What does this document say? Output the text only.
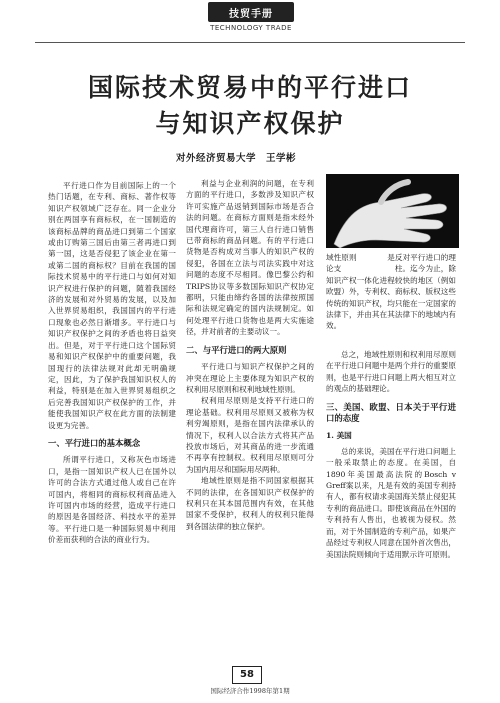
技贸手册
TECHNOLOGY TRADE
国际技术贸易中的平行进口
与知识产权保护
对外经济贸易大学　王学彬

平行进口作为目前国际上的一个热门话题，在专利、商标、著作权等知识产权领域广泛存在。同一企业分别在两国享有商标权，在一国制造的该商标品牌的商品进口到第二个国家或由订购第三国后由第三者再进口到第一国，这是否侵犯了该企业在第一或第二国的商标权？目前在我国的国际技术贸易中的平行进口与如何对知识产权进行保护的问题，随着我国经济的发展和对外贸易的发展，以及加入世界贸易组织，我国国内的平行进口现象也必然日渐增多。平行进口与知识产权保护之间的矛盾也将日益突出。但是，对于平行进口这个国际贸易和知识产权保护中的重要问题，我国现行的法律法规对此却无明确规定，因此，为了保护我国知识权人的利益，特别是在加入世界贸易组织之后完善我国知识产权保护的工作，并能使我国知识产权在此方面的法制建设更为完善。

一、平行进口的基本概念

所谓平行进口，又称灰色市场进口，是指一国知识产权人已在国外以许可的合法方式通过他人或自己在许可国内，将相同的商标权利商品进入许可国内市场的经营，造成平行进口的原因是各国经济、科技水平的差异等。平行进口是一种国际贸易中利用价差而获利的合法的商业行为。

利益与企业利润的问题，在专利方面的平行进口，多数涉及知识产权许可实施产品返销到国际市场是否合法的问题。在商标方面则是指未经外国代理商许可，第三人自行进口销售已带商标的商品问题。有的平行进口货物是否构成对当事人的知识产权的侵犯，各国在立法与司法实践中对这问题的态度不尽相同。像巴黎公约和TRIPS协议等多数国际知识产权协定都明，只能由缔约各国的法律按照国际和法规定确定的国内法规制定。如何处理平行进口货物也是两大实施途径，并对前者的主要动议一。

二、与平行进口的两大原则

平行进口与知识产权保护之间的冲突在理论上主要体现为知识产权的权利用尽原则和权利地域性原则。

权利用尽原则是支持平行进口的理论基础。权利用尽原则又被称为权利穷竭原则，是指在国内法律承认的情况下，权利人以合法方式将其产品投放市场后，对其商品的进一步流通不再享有控制权。权利用尽原则可分为国内用尽和国际用尽两种。

地域性原则是指不同国家根据其不同的法律，在各国知识产权保护的权利只在其本国范围内有效，在其他国家不受保护，权利人的权利只能得到各国法律的独立保护。

域性原则　　　　是反对平行进口的理论支　　　　　　　柱。迄今为止，除知识产权一体化进程较快的地区（例如欧盟）外，专利权、商标权、版权这些传统的知识产权，均只能在一定国家的法律下，并由其在其法律下的地域内有效。

总之，地域性原则和权利用尽原则在平行进口问题中是两个并行的重要原则，也是平行进口问题上两大相互对立的观点的基础理论。

三、美国、欧盟、日本关于平行进口的态度

1. 美国

总的来说，美国在平行进口问题上一般采取禁止的态度。在美国，自1890年美国最高法院的Bosch v Greff案以来，凡是有效的美国专利持有人，都有权请求美国海关禁止侵犯其专利的商品进口。即使该商品在外国的专利持有人售出，也被视为侵权。然而，对于外国制造的专利产品，如果产品经过专利权人同意在国外首次售出，美国法院则倾向于适用默示许可原则。

58
国际经济合作1998年第1期
